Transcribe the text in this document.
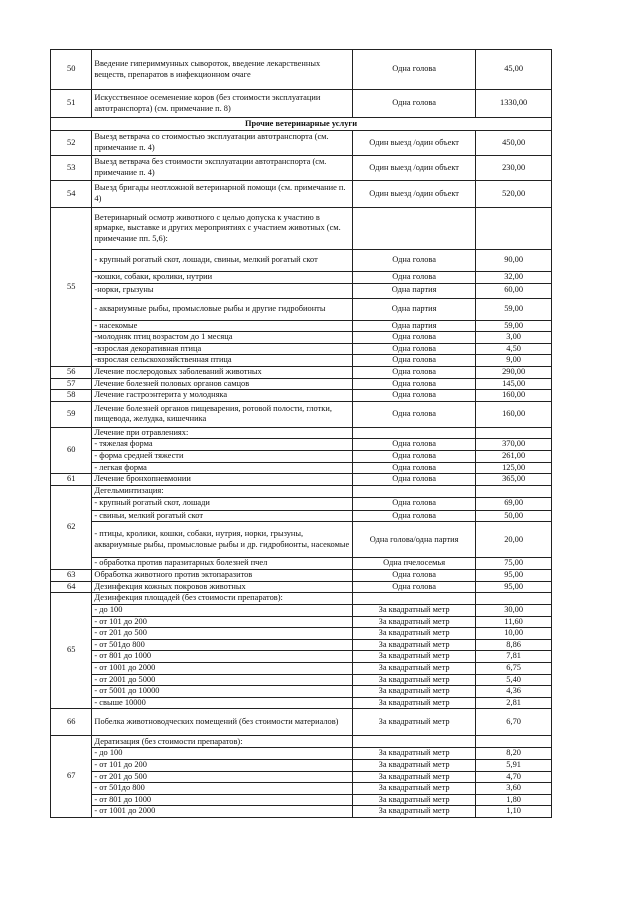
50	Введение гипериммунных сывороток, введение лекарственных веществ, препаратов в инфекционном очаге	Одна голова	45,00
51	Искусственное осеменение коров (без стоимости эксплуатации автотранспорта) (см. примечание п. 8)	Одна голова	1330,00
Прочие ветеринарные услуги			
52	Выезд ветврача со стоимостью эксплуатации автотранспорта (см. примечание п. 4)	Один выезд /один объект	450,00
53	Выезд ветврача без стоимости эксплуатации автотранспорта (см. примечание п. 4)	Один выезд /один объект	230,00
54	Выезд бригады неотложной ветеринарной помощи (см. примечание п. 4)	Один выезд /один объект	520,00
55	Ветеринарный осмотр животного с целью допуска к участию в ярмарке, выставке и других мероприятиях с участием животных (см. примечание пп. 5,6):		
	- крупный рогатый скот, лошади, свиньи, мелкий рогатый скот	Одна голова	90,00
	-кошки, собаки, кролики, нутрии	Одна голова	32,00
	-норки, грызуны	Одна партия	60,00
	- аквариумные рыбы, промысловые рыбы и другие гидробионты	Одна партия	59,00
	- насекомые	Одна партия	59,00
	-молодняк птиц возрастом до 1 месяца	Одна голова	3,00
	-взрослая декоративная птица	Одна голова	4,50
	-взрослая сельскохозяйственная птица	Одна голова	9,00
56	Лечение послеродовых заболеваний животных	Одна голова	290,00
57	Лечение болезней половых органов самцов	Одна голова	145,00
58	Лечение гастроэнтерита у молодняка	Одна голова	160,00
59	Лечение болезней органов пищеварения, ротовой полости, глотки, пищевода, желудка, кишечника	Одна голова	160,00
60	Лечение при отравлениях:		
	- тяжелая форма	Одна голова	370,00
	- форма средней тяжести	Одна голова	261,00
	- легкая форма	Одна голова	125,00
61	Лечение бронхопневмонии	Одна голова	365,00
62	Дегельминтизация:		
	- крупный рогатый скот, лошади	Одна голова	69,00
	- свиньи, мелкий рогатый скот	Одна голова	50,00
	- птицы, кролики, кошки, собаки, нутрия, норки, грызуны, аквариумные рыбы, промысловые рыбы и др. гидробионты, насекомые	Одна голова/одна партия	20,00
	- обработка против паразитарных болезней пчел	Одна пчелосемья	75,00
63	Обработка животного против эктопаразитов	Одна голова	95,00
64	Дезинфекция кожных покровов животных	Одна голова	95,00
65	Дезинфекция площадей (без стоимости препаратов):		
	- до 100	За квадратный метр	30,00
	- от 101 до 200	За квадратный метр	11,60
	- от 201 до 500	За квадратный метр	10,00
	- от 501до 800	За квадратный метр	8,86
	- от 801 до 1000	За квадратный метр	7,81
	- от 1001 до 2000	За квадратный метр	6,75
	- от 2001 до 5000	За квадратный метр	5,40
	- от 5001 до 10000	За квадратный метр	4,36
	- свыше 10000	За квадратный метр	2,81
66	Побелка животноводческих помещений (без стоимости материалов)	За квадратный метр	6,70
67	Дератизация (без стоимости препаратов):		
	- до 100	За квадратный метр	8,20
	- от 101 до 200	За квадратный метр	5,91
	- от 201 до 500	За квадратный метр	4,70
	- от 501до 800	За квадратный метр	3,60
	- от 801 до 1000	За квадратный метр	1,80
	- от 1001 до 2000	За квадратный метр	1,10
